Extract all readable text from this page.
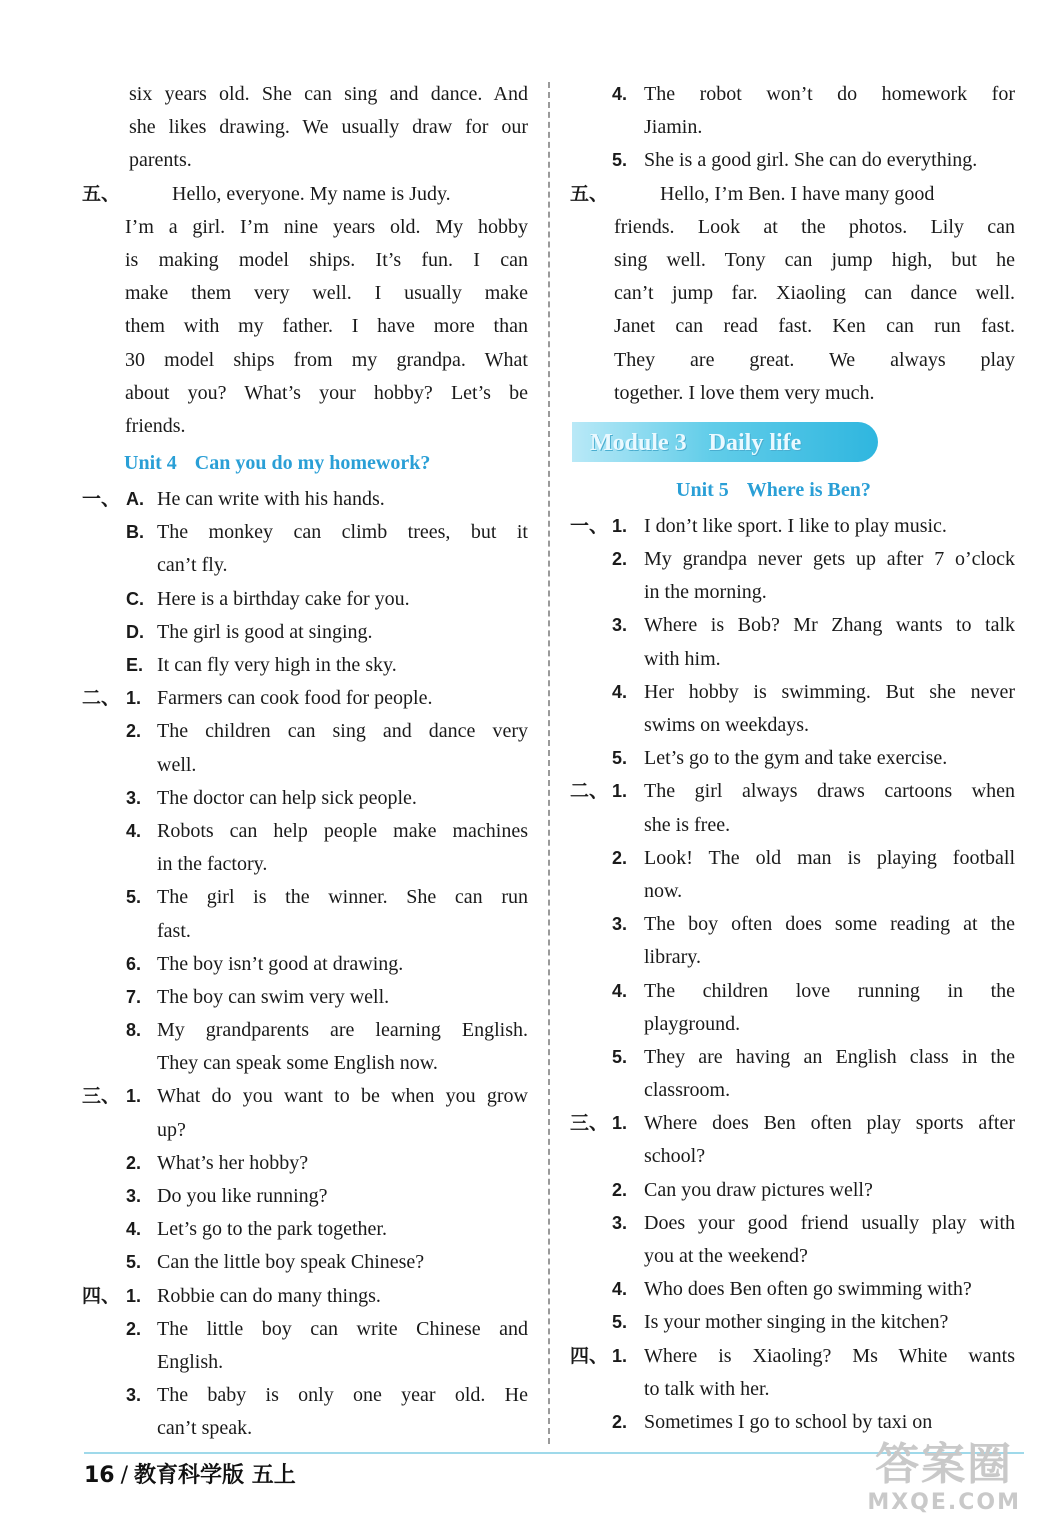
six years old. She can sing and dance. And
she likes drawing. We usually draw for our
parents.
五、	Hello, everyone. My name is Judy.
I’m a girl. I’m nine years old. My hobby
is making model ships. It’s fun. I can
make them very well. I usually make
them with my father. I have more than
30 model ships from my grandpa. What
about you? What’s your hobby? Let’s be
friends.
Unit 4 Can you do my homework?
一、 A. He can write with his hands.
B. The monkey can climb trees, but it
can’t fly.
C. Here is a birthday cake for you.
D. The girl is good at singing.
E. It can fly very high in the sky.
二、 1. Farmers can cook food for people.
2. The children can sing and dance very
well.
3. The doctor can help sick people.
4. Robots can help people make machines
in the factory.
5. The girl is the winner. She can run
fast.
6. The boy isn’t good at drawing.
7. The boy can swim very well.
8. My grandparents are learning English.
They can speak some English now.
三、 1. What do you want to be when you grow
up?
2. What’s her hobby?
3. Do you like running?
4. Let’s go to the park together.
5. Can the little boy speak Chinese?
四、 1. Robbie can do many things.
2. The little boy can write Chinese and
English.
3. The baby is only one year old. He
can’t speak.
4. The robot won’t do homework for
Jiamin.
5. She is a good girl. She can do everything.
五、	Hello, I’m Ben. I have many good
friends. Look at the photos. Lily can
sing well. Tony can jump high, but he
can’t jump far. Xiaoling can dance well.
Janet can read fast. Ken can run fast.
They are great. We always play
together. I love them very much.
Module 3 Daily life
Unit 5 Where is Ben?
一、 1. I don’t like sport. I like to play music.
2. My grandpa never gets up after 7 o’clock
in the morning.
3. Where is Bob? Mr Zhang wants to talk
with him.
4. Her hobby is swimming. But she never
swims on weekdays.
5. Let’s go to the gym and take exercise.
二、 1. The girl always draws cartoons when
she is free.
2. Look! The old man is playing football
now.
3. The boy often does some reading at the
library.
4. The children love running in the
playground.
5. They are having an English class in the
classroom.
三、 1. Where does Ben often play sports after
school?
2. Can you draw pictures well?
3. Does your good friend usually play with
you at the weekend?
4. Who does Ben often go swimming with?
5. Is your mother singing in the kitchen?
四、 1. Where is Xiaoling? Ms White wants
to talk with her.
2. Sometimes I go to school by taxi on
16 / 教育科学版 五上	答案圈
MXQE.COM
